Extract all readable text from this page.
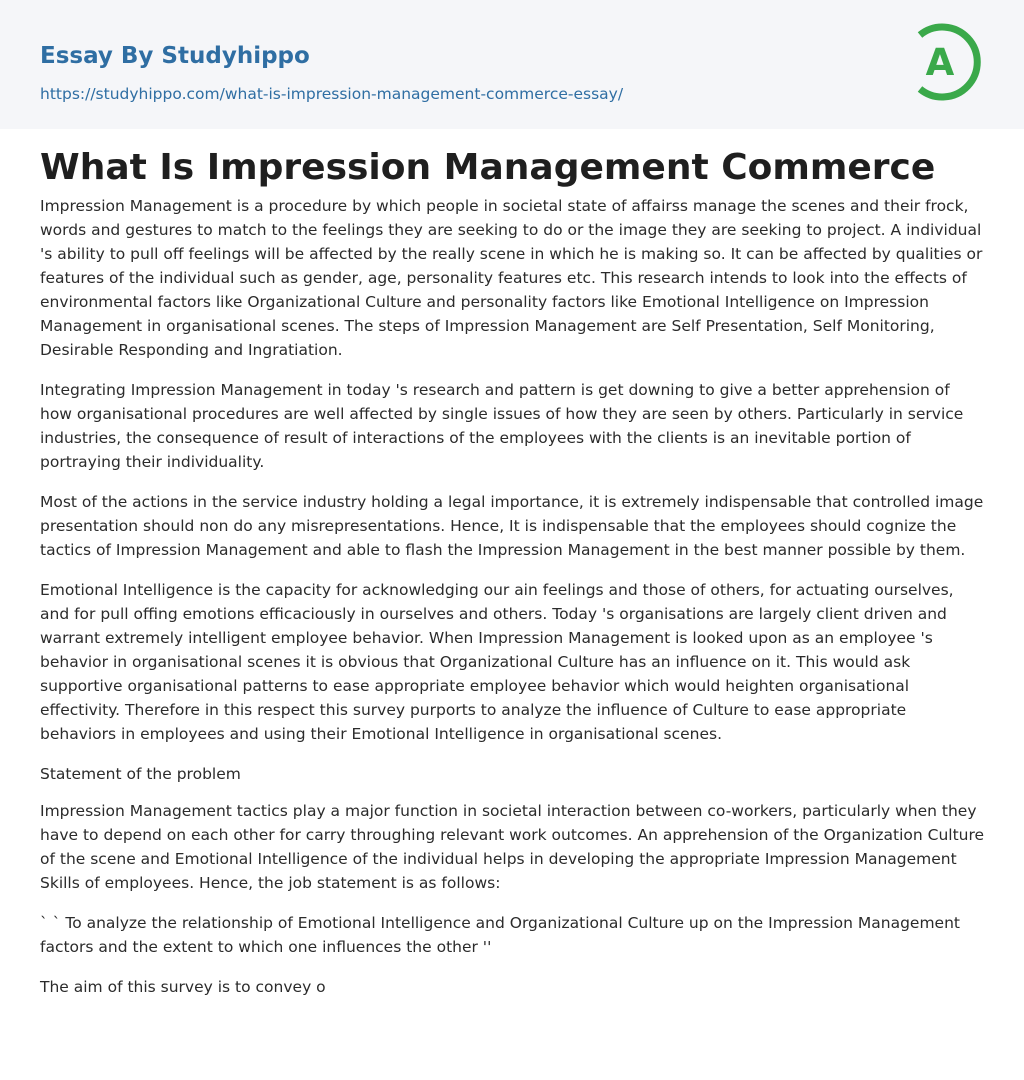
Essay By Studyhippo
https://studyhippo.com/what-is-impression-management-commerce-essay/
A
What Is Impression Management Commerce

Impression Management is a procedure by which people in societal state of affairss manage the scenes and their frock, words and gestures to match to the feelings they are seeking to do or the image they are seeking to project. A individual 's ability to pull off feelings will be affected by the really scene in which he is making so. It can be affected by qualities or features of the individual such as gender, age, personality features etc. This research intends to look into the effects of environmental factors like Organizational Culture and personality factors like Emotional Intelligence on Impression Management in organisational scenes. The steps of Impression Management are Self Presentation, Self Monitoring, Desirable Responding and Ingratiation.

Integrating Impression Management in today 's research and pattern is get downing to give a better apprehension of how organisational procedures are well affected by single issues of how they are seen by others. Particularly in service industries, the consequence of result of interactions of the employees with the clients is an inevitable portion of portraying their individuality.

Most of the actions in the service industry holding a legal importance, it is extremely indispensable that controlled image presentation should non do any misrepresentations. Hence, It is indispensable that the employees should cognize the tactics of Impression Management and able to flash the Impression Management in the best manner possible by them.

Emotional Intelligence is the capacity for acknowledging our ain feelings and those of others, for actuating ourselves, and for pull offing emotions efficaciously in ourselves and others. Today 's organisations are largely client driven and warrant extremely intelligent employee behavior. When Impression Management is looked upon as an employee 's behavior in organisational scenes it is obvious that Organizational Culture has an influence on it. This would ask supportive organisational patterns to ease appropriate employee behavior which would heighten organisational effectivity. Therefore in this respect this survey purports to analyze the influence of Culture to ease appropriate behaviors in employees and using their Emotional Intelligence in organisational scenes.

Statement of the problem

Impression Management tactics play a major function in societal interaction between co-workers, particularly when they have to depend on each other for carry throughing relevant work outcomes. An apprehension of the Organization Culture of the scene and Emotional Intelligence of the individual helps in developing the appropriate Impression Management Skills of employees. Hence, the job statement is as follows:

` ` To analyze the relationship of Emotional Intelligence and Organizational Culture up on the Impression Management factors and the extent to which one influences the other ''

The aim of this survey is to convey o
